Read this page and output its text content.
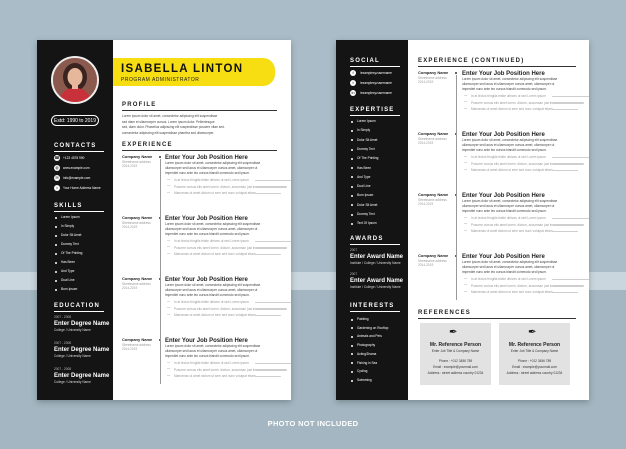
Estd: 1990 to 2019
CONTACTS
☎ +123 4578 990
◍	www.example.com
✉	info@example.com
⌂	Your Home Address Name
SKILLS
Lorem Ipsum
In Simply
Dolor Sit Amet
Dummy Text
Of The Printing
Has Been
And Type
Dual Line
Burn Ipsum
EDUCATION
2007 - 2008
Enter Degree Name
College / University Name
2007 - 2008
Enter Degree Name
College / University Name
2007 - 2008
Enter Degree Name
College / University Name
ISABELLA LINTON
PROGRAM ADMINISTRATOR
PROFILE
Lorem ipsum dolor sit amet, consectetur adipiscing elit suspendisse
sed diam et ullamcorper cursus. Lorem ipsum dolor. Pellentesque
sed, diam dolor. Phasellus adipiscing elit suspendisse posuere vitae sed.
consectetur adipiscing elit suspendisse pharetra sed ullamcorper.
EXPERIENCE
Company Name
Streetname address
2014-2019
Enter Your Job Position Here
Lorem ipsum dolor sit amet, consectetur adipiscing elit suspendisse
ullamcorper sed lacus et ullamcorper cursus amet, ullamcorper ut
imperdiet nunc ante leo cursus blandit commodo sed ipsum.
— In at lectus fringilla tristle ultrices ut sed Lorem ipsum
— Posuere cursus elis amet lorem. dictum, accumsan just in
— Maecenas ut amet dictum ut sem sed nunc volutpat etiam
Company Name
Streetname address
2014-2019
Enter Your Job Position Here
Lorem ipsum dolor sit amet, consectetur adipiscing elit suspendisse
ullamcorper sed lacus et ullamcorper cursus amet, ullamcorper ut
imperdiet nunc ante leo cursus blandit commodo sed ipsum.
— In at lectus fringilla tristle ultrices ut sed Lorem ipsum
— Posuere cursus elis amet lorem. dictum, accumsan just in
— Maecenas ut amet dictum ut sem sed nunc volutpat etiam
Company Name
Streetname address
2014-2019
Enter Your Job Position Here
Lorem ipsum dolor sit amet, consectetur adipiscing elit suspendisse
ullamcorper sed lacus et ullamcorper cursus amet, ullamcorper ut
imperdiet nunc ante leo cursus blandit commodo sed ipsum.
— In at lectus fringilla tristle ultrices ut sed Lorem ipsum
— Posuere cursus elis amet lorem. dictum, accumsan just in
— Maecenas ut amet dictum ut sem sed nunc volutpat etiam
Company Name
Streetname address
2014-2019
Enter Your Job Position Here
Lorem ipsum dolor sit amet, consectetur adipiscing elit suspendisse
ullamcorper sed lacus et ullamcorper cursus amet, ullamcorper ut
imperdiet nunc ante leo cursus blandit commodo sed ipsum.
— In at lectus fringilla tristle ultrices ut sed Lorem ipsum
— Posuere cursus elis amet lorem. dictum, accumsan just in
— Maecenas ut amet dictum ut sem sed nunc volutpat etiam
SOCIAL
f	/examplexyzusername
t	/examplexyzusername
in	/examplexyzusername
EXPERTISE
Lorem Ipsum
In Simply
Dolor Sit Amet
Dummy Text
Of The Printing
Has Been
And Type
Dual Line
Burn Ipsum
Dolor Sit Amet
Dummy Text
Text Of Ipsum
AWARDS
2007
Enter Award Name
Institute / College / University Name
2007
Enter Award Name
Institute / College / University Name
INTERESTS
Painting
Gardening on Rooftop
Animals and Pets
Photography
Acting/Drama
Fishing in Sea
Cycling
Swimming
EXPERIENCE (CONTINUED)
Company Name
Streetname address
2014-2019
Enter Your Job Position Here
Lorem ipsum dolor sit amet, consectetur adipiscing elit suspendisse
ullamcorper sed lacus et ullamcorper cursus amet, ullamcorper ut
imperdiet nunc ante leo cursus blandit commodo sed ipsum.
— In at lectus fringilla tristle ultrices ut sed Lorem ipsum
— Posuere cursus elis amet lorem. dictum, accumsan just in
— Maecenas ut amet dictum ut sem sed nunc volutpat etiam
Company Name
Streetname address
2014-2019
Enter Your Job Position Here
Lorem ipsum dolor sit amet, consectetur adipiscing elit suspendisse
ullamcorper sed lacus et ullamcorper cursus amet, ullamcorper ut
imperdiet nunc ante leo cursus blandit commodo sed ipsum.
— In at lectus fringilla tristle ultrices ut sed Lorem ipsum
— Posuere cursus elis amet lorem. dictum, accumsan just in
— Maecenas ut amet dictum ut sem sed nunc volutpat etiam
Company Name
Streetname address
2014-2019
Enter Your Job Position Here
Lorem ipsum dolor sit amet, consectetur adipiscing elit suspendisse
ullamcorper sed lacus et ullamcorper cursus amet, ullamcorper ut
imperdiet nunc ante leo cursus blandit commodo sed ipsum.
— In at lectus fringilla tristle ultrices ut sed Lorem ipsum
— Posuere cursus elis amet lorem. dictum, accumsan just in
— Maecenas ut amet dictum ut sem sed nunc volutpat etiam
Company Name
Streetname address
2014-2019
Enter Your Job Position Here
Lorem ipsum dolor sit amet, consectetur adipiscing elit suspendisse
ullamcorper sed lacus et ullamcorper cursus amet, ullamcorper ut
imperdiet nunc ante leo cursus blandit commodo sed ipsum.
— In at lectus fringilla tristle ultrices ut sed Lorem ipsum
— Posuere cursus elis amet lorem. dictum, accumsan just in
— Maecenas ut amet dictum ut sem sed nunc volutpat etiam
REFERENCES
✒
Mr. Reference Person
Enter Job Title & Company Name
Phone : +012 3456 789
Email : example@yourmail.com
Address : street address country 01234
✒
Mr. Reference Person
Enter Job Title & Company Name
Phone : +012 3456 789
Email : example@yourmail.com
Address : street address country 01234
PHOTO NOT INCLUDED
